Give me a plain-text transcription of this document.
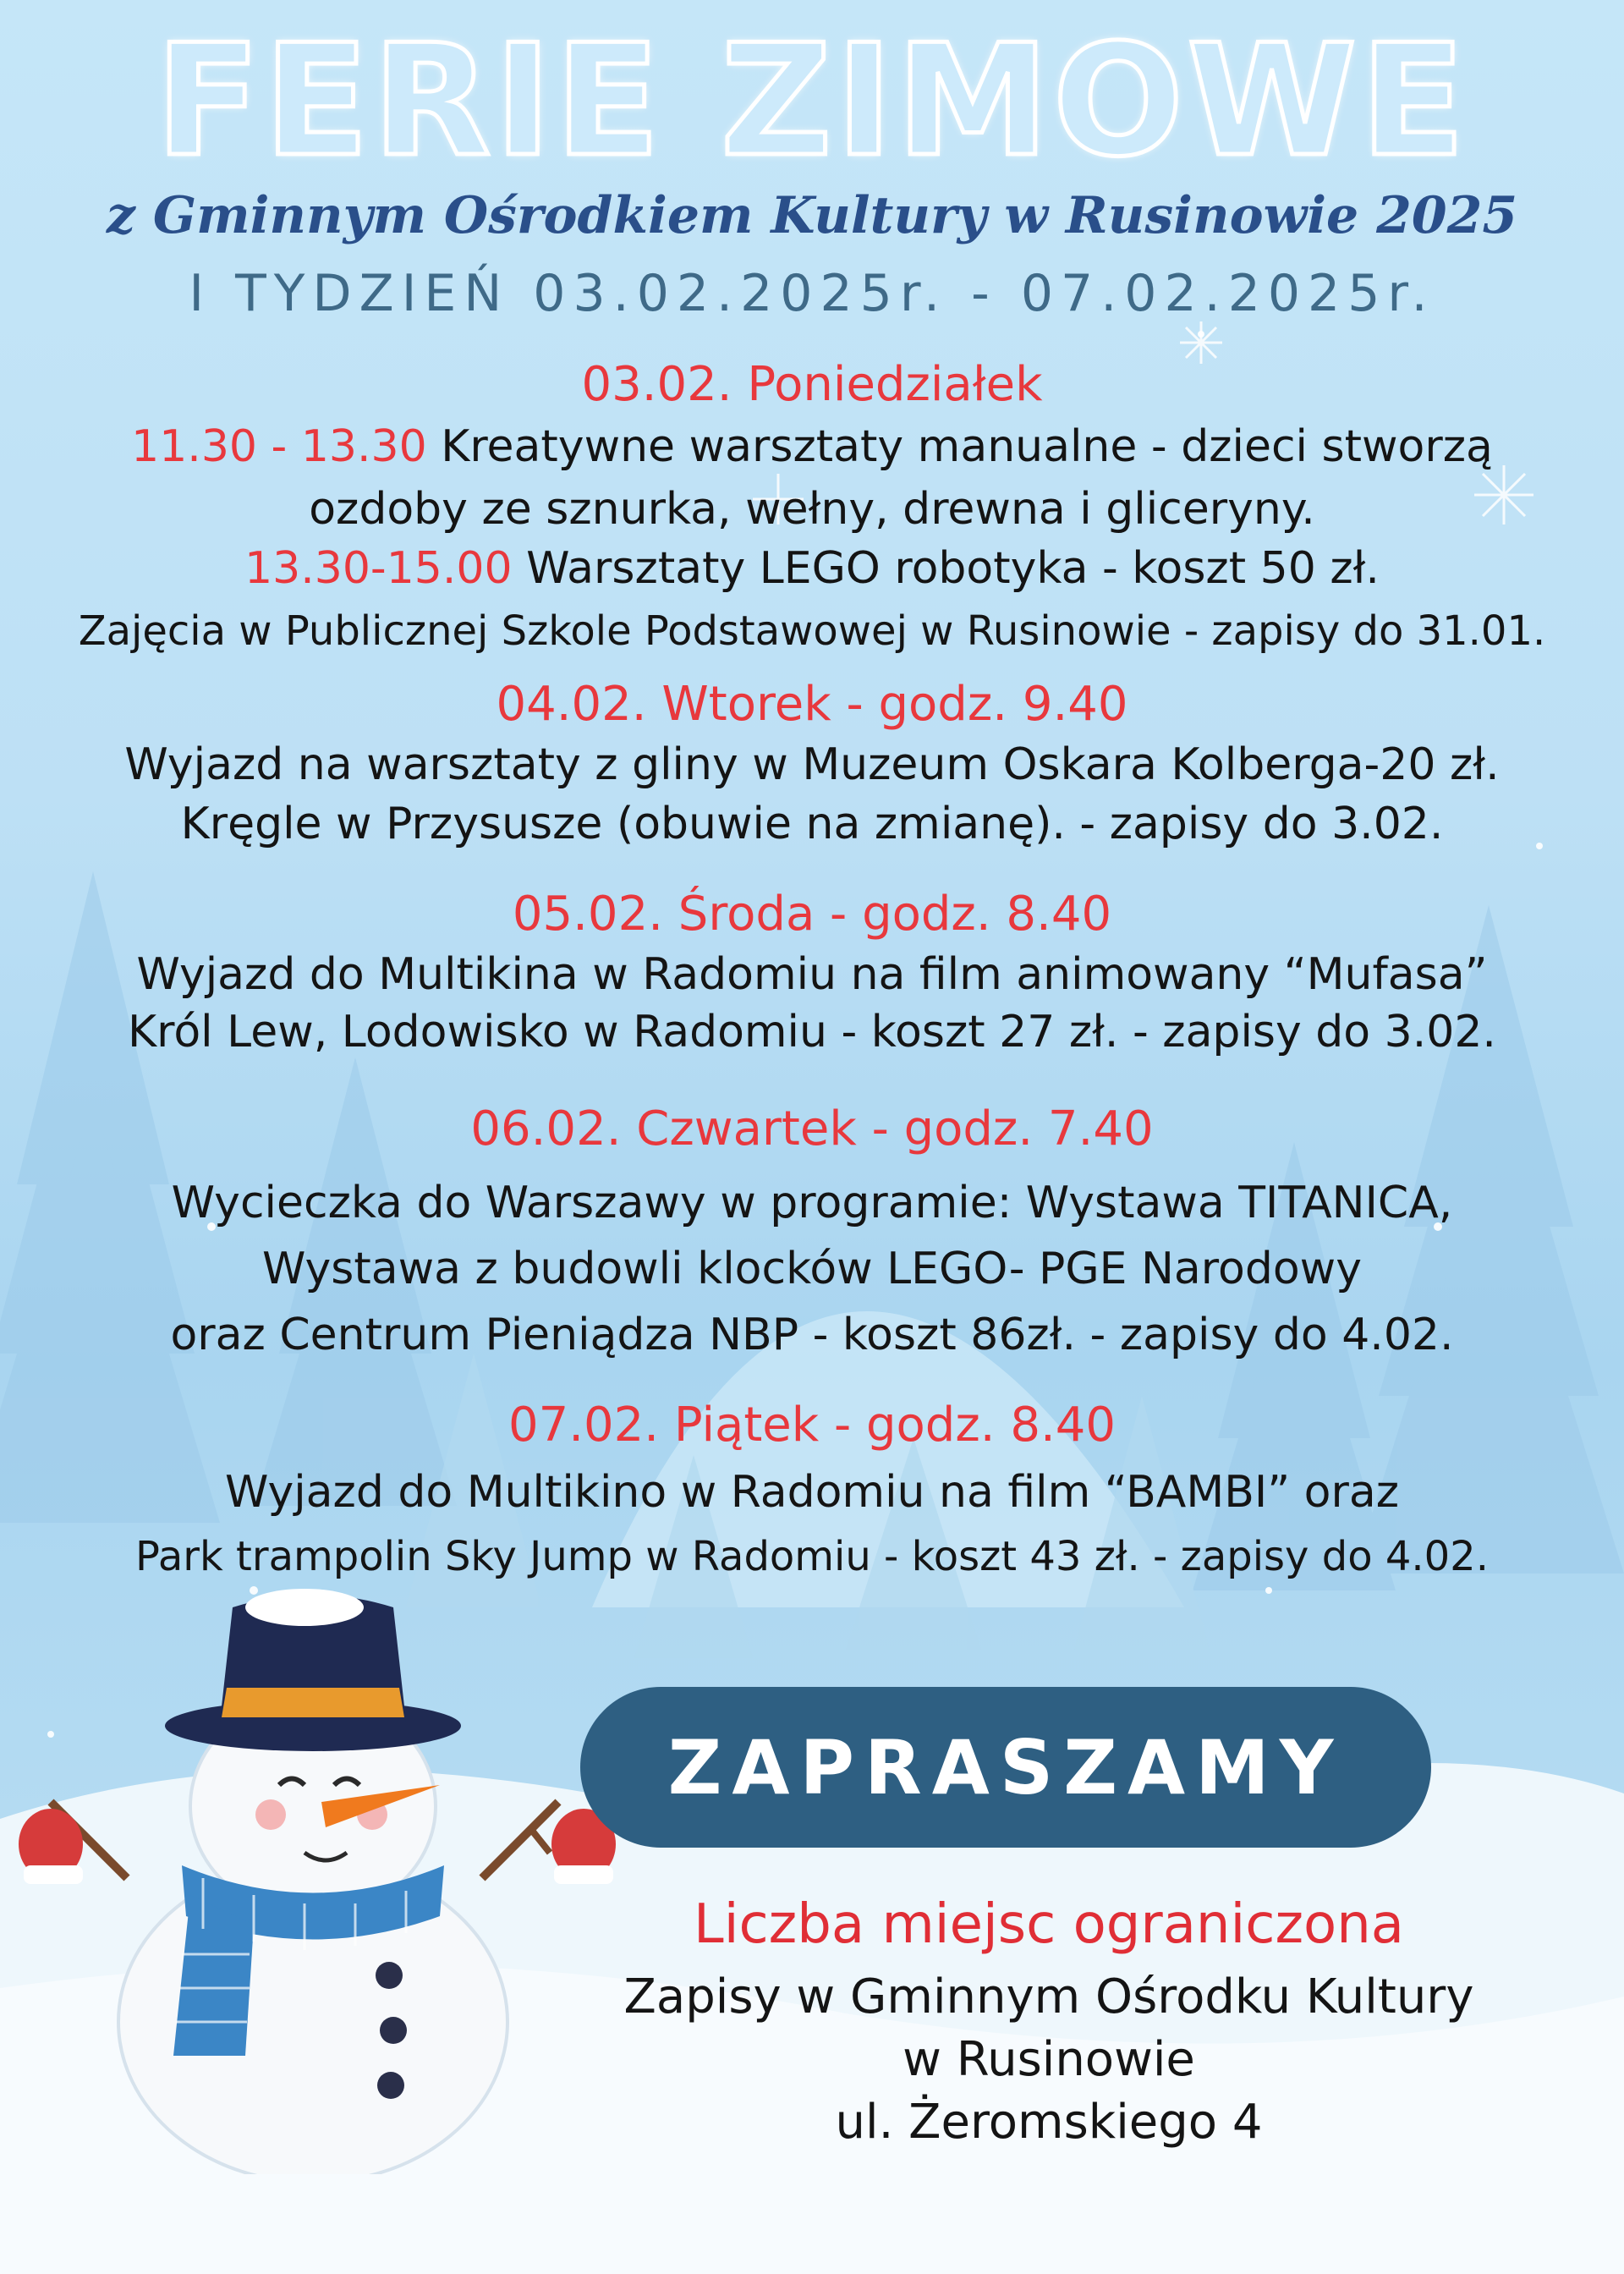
FERIE ZIMOWE
z Gminnym Ośrodkiem Kultury w Rusinowie 2025
I TYDZIEŃ 03.02.2025r. - 07.02.2025r.
03.02. Poniedziałek
11.30 - 13.30 Kreatywne warsztaty manualne - dzieci stworzą
ozdoby ze sznurka, wełny, drewna i gliceryny.
13.30-15.00 Warsztaty LEGO robotyka - koszt 50 zł.
Zajęcia w Publicznej Szkole Podstawowej w Rusinowie - zapisy do 31.01.
04.02. Wtorek - godz. 9.40
Wyjazd na warsztaty z gliny w Muzeum Oskara Kolberga-20 zł.
Kręgle w Przysusze (obuwie na zmianę). - zapisy do 3.02.
05.02. Środa - godz. 8.40
Wyjazd do Multikina w Radomiu na film animowany “Mufasa”
Król Lew, Lodowisko w Radomiu - koszt 27 zł. - zapisy do 3.02.
06.02. Czwartek - godz. 7.40
Wycieczka do Warszawy w programie: Wystawa TITANICA,
Wystawa z budowli klocków LEGO- PGE Narodowy
oraz Centrum Pieniądza NBP - koszt 86zł. - zapisy do 4.02.
07.02. Piątek - godz. 8.40
Wyjazd do Multikino w Radomiu na film “BAMBI” oraz
Park trampolin Sky Jump w Radomiu - koszt 43 zł. - zapisy do 4.02.
ZAPRASZAMY
Liczba miejsc ograniczona
Zapisy w Gminnym Ośrodku Kultury
w Rusinowie
ul. Żeromskiego 4
